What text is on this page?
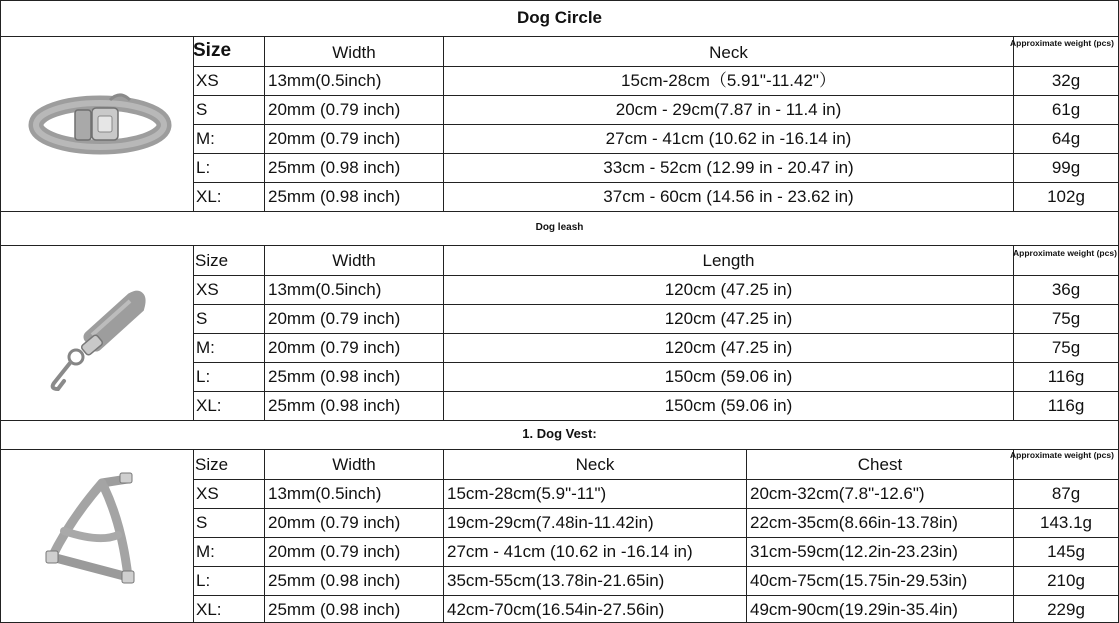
Dog Circle
Size	Width	Neck	Approximate weight (pcs)
XS	13mm(0.5inch)	15cm-28cm（5.91"-11.42"）	32g
S	20mm (0.79 inch)	20cm - 29cm(7.87 in - 11.4 in)	61g
M:	20mm (0.79 inch)	27cm - 41cm (10.62 in -16.14 in)	64g
L:	25mm (0.98 inch)	33cm - 52cm (12.99 in - 20.47 in)	99g
XL:	25mm (0.98 inch)	37cm - 60cm (14.56 in - 23.62 in)	102g
Dog leash
Size	Width	Length	Approximate weight (pcs)
XS	13mm(0.5inch)	120cm (47.25 in)	36g
S	20mm (0.79 inch)	120cm (47.25 in)	75g
M:	20mm (0.79 inch)	120cm (47.25 in)	75g
L:	25mm (0.98 inch)	150cm (59.06 in)	116g
XL:	25mm (0.98 inch)	150cm (59.06 in)	116g
1. Dog Vest:
Size	Width	Neck	Chest	Approximate weight (pcs)
XS	13mm(0.5inch)	15cm-28cm(5.9"-11")	20cm-32cm(7.8"-12.6")	87g
S	20mm (0.79 inch)	19cm-29cm(7.48in-11.42in)	22cm-35cm(8.66in-13.78in)	143.1g
M:	20mm (0.79 inch)	27cm - 41cm (10.62 in -16.14 in)	31cm-59cm(12.2in-23.23in)	145g
L:	25mm (0.98 inch)	35cm-55cm(13.78in-21.65in)	40cm-75cm(15.75in-29.53in)	210g
XL:	25mm (0.98 inch)	42cm-70cm(16.54in-27.56in)	49cm-90cm(19.29in-35.4in)	229g
